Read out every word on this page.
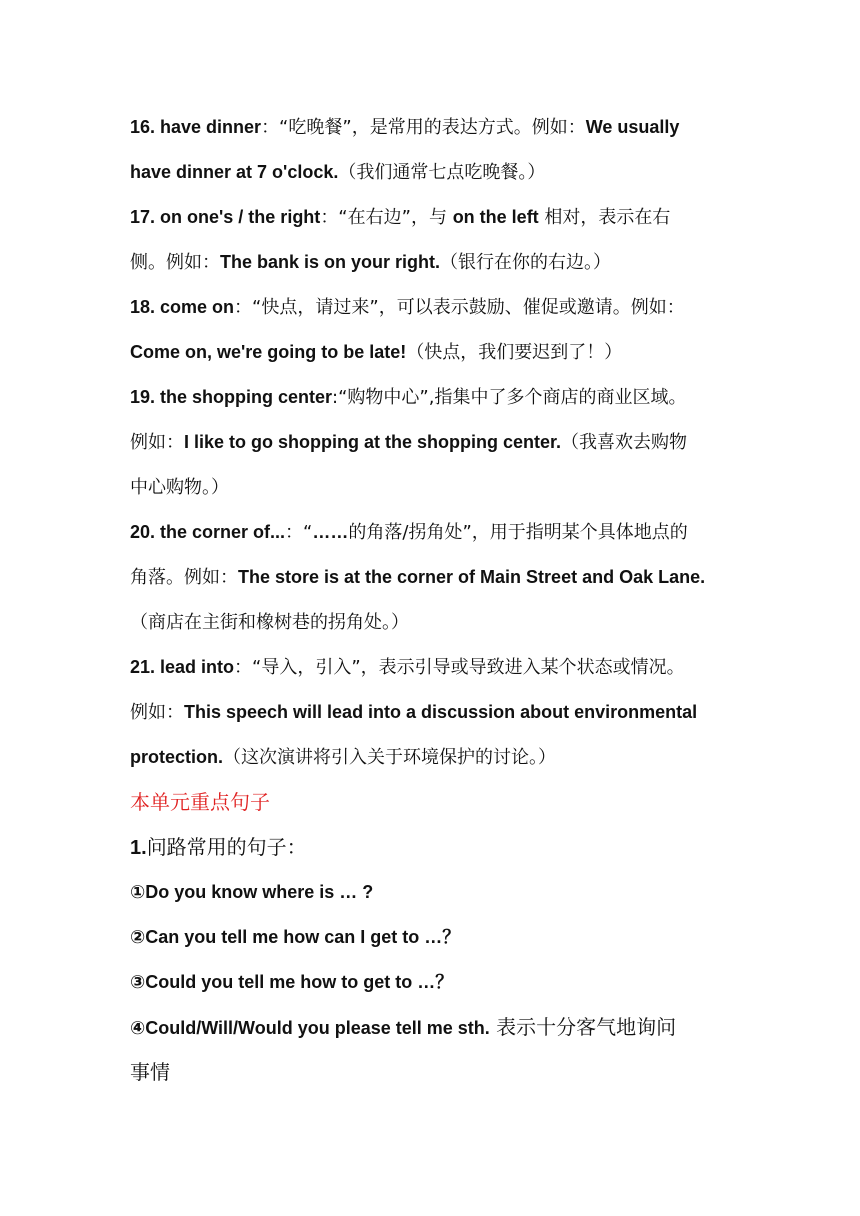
16. have dinner：“吃晚餐”，是常用的表达方式。例如：We usually
have dinner at 7 o'clock.（我们通常七点吃晚餐。）
17. on one's / the right：“在右边”，与 on the left 相对，表示在右
侧。例如：The bank is on your right.（银行在你的右边。）
18. come on：“快点，请过来”，可以表示鼓励、催促或邀请。例如：
Come on, we're going to be late!（快点，我们要迟到了！）
19. the shopping center:“购物中心”,指集中了多个商店的商业区域。
例如：I like to go shopping at the shopping center.（我喜欢去购物
中心购物。）
20. the corner of...：“……的角落/拐角处”，用于指明某个具体地点的
角落。例如：The store is at the corner of Main Street and Oak Lane.
（商店在主街和橡树巷的拐角处。）
21. lead into：“导入，引入”，表示引导或导致进入某个状态或情况。
例如：This speech will lead into a discussion about environmental
protection.（这次演讲将引入关于环境保护的讨论。）
本单元重点句子
1.问路常用的句子：
①Do you know where is … ?
②Can you tell me how can I get to …？
③Could you tell me how to get to …？
④Could/Will/Would you please tell me sth. 表示十分客气地询问
事情
